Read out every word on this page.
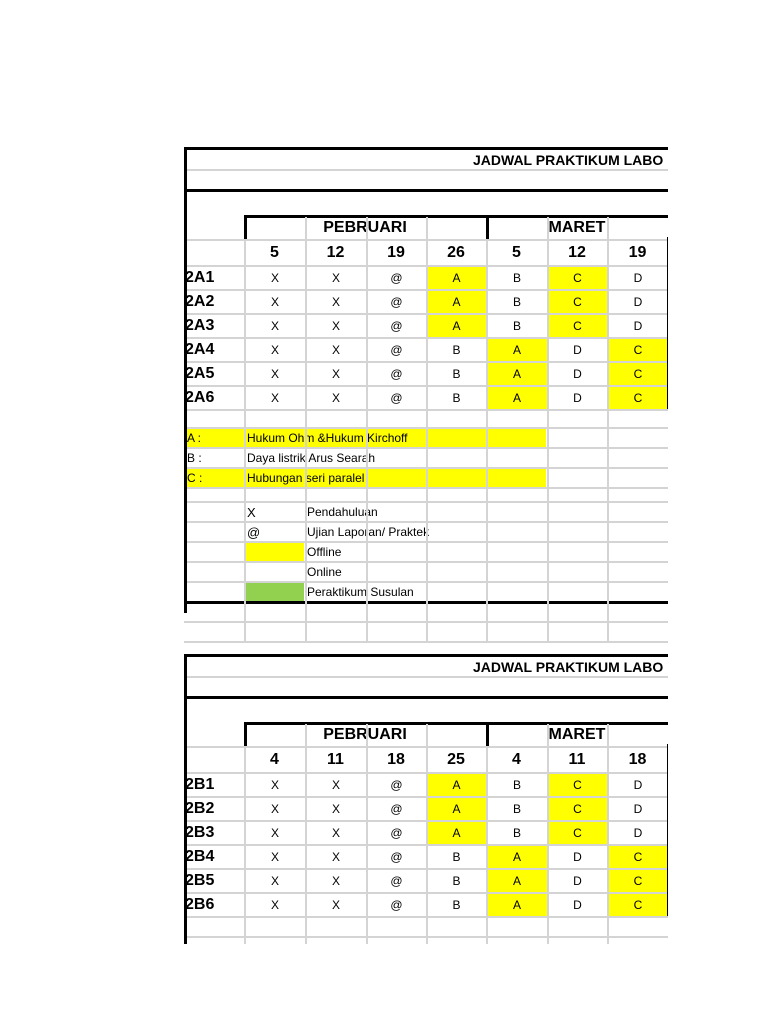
JADWAL PRAKTIKUM LABO
PEBRUARI	MARET
5	12	19	26	5	12	19
2A1	X	X	@	A	B	C	D
2A2	X	X	@	A	B	C	D
2A3	X	X	@	A	B	C	D
2A4	X	X	@	B	A	D	C
2A5	X	X	@	B	A	D	C
2A6	X	X	@	B	A	D	C
A :	Hukum Ohm &Hukum Kirchoff
B :	Daya listrik Arus Searah
C :	Hubungan seri paralel
X	Pendahuluan
@	Ujian Laporan/ Praktek
Offline
Online
Peraktikum Susulan
JADWAL PRAKTIKUM LABO
PEBRUARI	MARET
4	11	18	25	4	11	18
2B1	X	X	@	A	B	C	D
2B2	X	X	@	A	B	C	D
2B3	X	X	@	A	B	C	D
2B4	X	X	@	B	A	D	C
2B5	X	X	@	B	A	D	C
2B6	X	X	@	B	A	D	C
